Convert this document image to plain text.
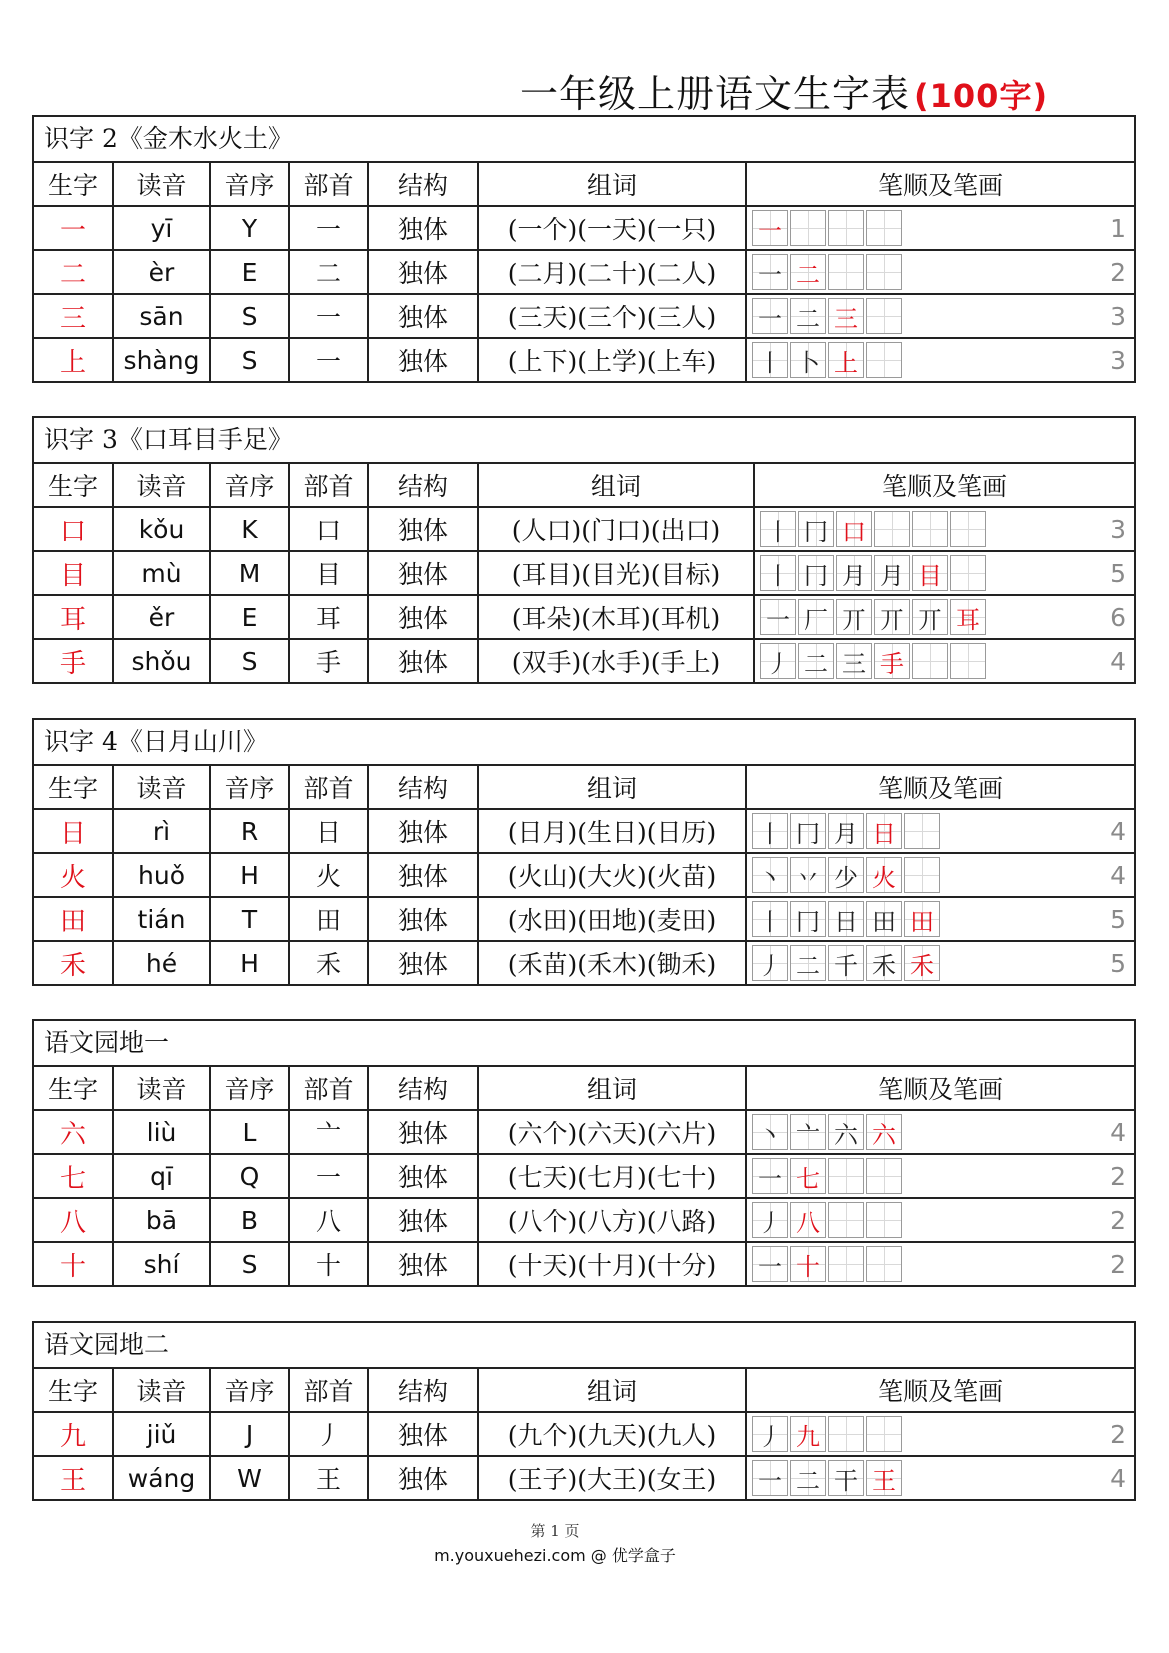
一年级上册语文生字表 (100字)
识字 2《金木水火土》
生字	读音	音序	部首	结构	组词	笔顺及笔画
一	yī	Y	一	独体	(一个)(一天)(一只)	一	1
二	èr	E	二	独体	(二月)(二十)(二人)	一 二	2
三	sān	S	一	独体	(三天)(三个)(三人)	一 二 三	3
上	shàng	S	一	独体	(上下)(上学)(上车)	丨 卜 上	3
识字 3《口耳目手足》
生字	读音	音序	部首	结构	组词	笔顺及笔画
口	kǒu	K	口	独体	(人口)(门口)(出口)	丨 冂 口	3
目	mù	M	目	独体	(耳目)(目光)(目标)	丨 冂 月 月 目	5
耳	ěr	E	耳	独体	(耳朵)(木耳)(耳机)	一 厂 丌 丌 丌 耳	6
手	shǒu	S	手	独体	(双手)(水手)(手上)	丿 二 三 手	4
识字 4《日月山川》
生字	读音	音序	部首	结构	组词	笔顺及笔画
日	rì	R	日	独体	(日月)(生日)(日历)	丨 冂 月 日	4
火	huǒ	H	火	独体	(火山)(大火)(火苗)	丶 丷 少 火	4
田	tián	T	田	独体	(水田)(田地)(麦田)	丨 冂 日 田 田	5
禾	hé	H	禾	独体	(禾苗)(禾木)(锄禾)	丿 二 千 禾 禾	5
语文园地一
生字	读音	音序	部首	结构	组词	笔顺及笔画
六	liù	L	亠	独体	(六个)(六天)(六片)	丶 亠 六 六	4
七	qī	Q	一	独体	(七天)(七月)(七十)	一 七	2
八	bā	B	八	独体	(八个)(八方)(八路)	丿 八	2
十	shí	S	十	独体	(十天)(十月)(十分)	一 十	2
语文园地二
生字	读音	音序	部首	结构	组词	笔顺及笔画
九	jiǔ	J	丿	独体	(九个)(九天)(九人)	丿 九	2
王	wáng	W	王	独体	(王子)(大王)(女王)	一 二 干 王	4
第 1 页
m.youxuehezi.com @ 优学盒子
